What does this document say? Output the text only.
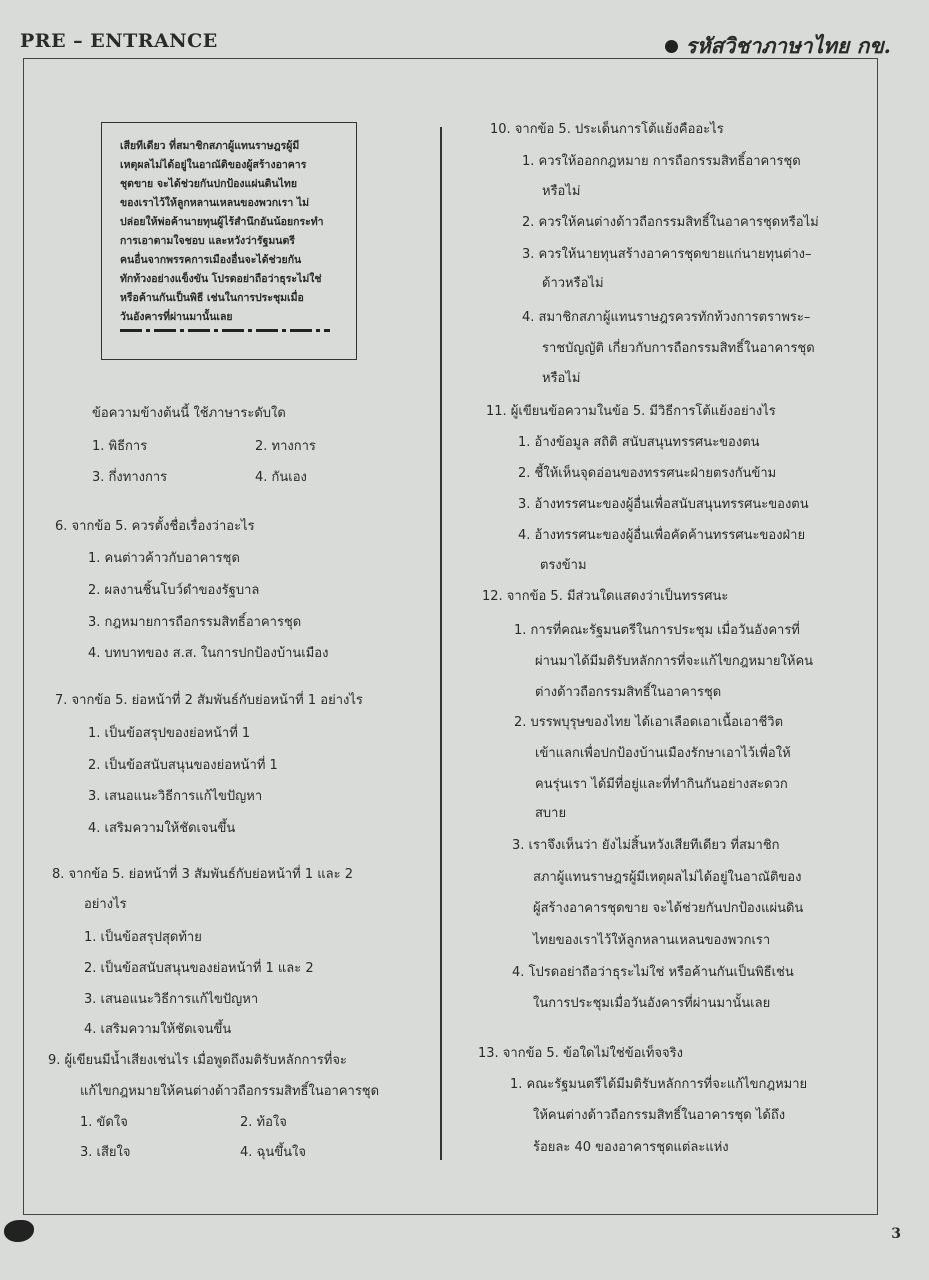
PRE – ENTRANCE	รหัสวิชาภาษาไทย กข.
เสียทีเดียว ที่สมาชิกสภาผู้แทนราษฎรผู้มี
เหตุผลไม่ได้อยู่ในอาณัติของผู้สร้างอาคาร
ชุดขาย จะได้ช่วยกันปกป้องแผ่นดินไทย
ของเราไว้ให้ลูกหลานเหลนของพวกเรา ไม่
ปล่อยให้พ่อค้านายทุนผู้ไร้สำนึกอันน้อยกระทำ
การเอาตามใจชอบ และหวังว่ารัฐมนตรี
คนอื่นจากพรรคการเมืองอื่นจะได้ช่วยกัน
ทักท้วงอย่างแข็งขัน โปรดอย่าถือว่าธุระไม่ใช่
หรือค้านกันเป็นพิธี เช่นในการประชุมเมื่อ
วันอังคารที่ผ่านมานั้นเลย
ข้อความข้างต้นนี้ ใช้ภาษาระดับใด
1. พิธีการ	2. ทางการ
3. กึ่งทางการ	4. กันเอง
6. จากข้อ 5. ควรตั้งชื่อเรื่องว่าอะไร
1. คนต่าวค้าวกับอาคารชุด
2. ผลงานชิ้นโบว์ดำของรัฐบาล
3. กฎหมายการถือกรรมสิทธิ์อาคารชุด
4. บทบาทของ ส.ส. ในการปกป้องบ้านเมือง
7. จากข้อ 5. ย่อหน้าที่ 2 สัมพันธ์กับย่อหน้าที่ 1 อย่างไร
1. เป็นข้อสรุปของย่อหน้าที่ 1
2. เป็นข้อสนับสนุนของย่อหน้าที่ 1
3. เสนอแนะวิธีการแก้ไขปัญหา
4. เสริมความให้ชัดเจนขึ้น
8. จากข้อ 5. ย่อหน้าที่ 3 สัมพันธ์กับย่อหน้าที่ 1 และ 2
อย่างไร
1. เป็นข้อสรุปสุดท้าย
2. เป็นข้อสนับสนุนของย่อหน้าที่ 1 และ 2
3. เสนอแนะวิธีการแก้ไขปัญหา
4. เสริมความให้ชัดเจนขึ้น
9. ผู้เขียนมีน้ำเสียงเช่นไร เมื่อพูดถึงมติรับหลักการที่จะ
แก้ไขกฎหมายให้คนต่างด้าวถือกรรมสิทธิ์ในอาคารชุด
1. ขัดใจ	2. ท้อใจ
3. เสียใจ	4. ฉุนขึ้นใจ
10. จากข้อ 5. ประเด็นการโต้แย้งคืออะไร
1. ควรให้ออกกฎหมาย การถือกรรมสิทธิ์อาคารชุด
หรือไม่
2. ควรให้คนต่างด้าวถือกรรมสิทธิ์ในอาคารชุดหรือไม่
3. ควรให้นายทุนสร้างอาคารชุดขายแก่นายทุนต่าง–
ด้าวหรือไม่
4. สมาชิกสภาผู้แทนราษฎรควรทักท้วงการตราพระ–
ราชบัญญัติ เกี่ยวกับการถือกรรมสิทธิ์ในอาคารชุด
หรือไม่
11. ผู้เขียนข้อความในข้อ 5. มีวิธีการโต้แย้งอย่างไร
1. อ้างข้อมูล สถิติ สนับสนุนทรรศนะของตน
2. ชี้ให้เห็นจุดอ่อนของทรรศนะฝ่ายตรงกันข้าม
3. อ้างทรรศนะของผู้อื่นเพื่อสนับสนุนทรรศนะของตน
4. อ้างทรรศนะของผู้อื่นเพื่อคัดค้านทรรศนะของฝ่าย
ตรงข้าม
12. จากข้อ 5. มีส่วนใดแสดงว่าเป็นทรรศนะ
1. การที่คณะรัฐมนตรีในการประชุม เมื่อวันอังคารที่
ผ่านมาได้มีมติรับหลักการที่จะแก้ไขกฎหมายให้คน
ต่างด้าวถือกรรมสิทธิ์ในอาคารชุด
2. บรรพบุรุษของไทย ได้เอาเลือดเอาเนื้อเอาชีวิต
เข้าแลกเพื่อปกป้องบ้านเมืองรักษาเอาไว้เพื่อให้
คนรุ่นเรา ได้มีที่อยู่และที่ทำกินกันอย่างสะดวก
สบาย
3. เราจึงเห็นว่า ยังไม่สิ้นหวังเสียทีเดียว ที่สมาชิก
สภาผู้แทนราษฎรผู้มีเหตุผลไม่ได้อยู่ในอาณัติของ
ผู้สร้างอาคารชุดขาย จะได้ช่วยกันปกป้องแผ่นดิน
ไทยของเราไว้ให้ลูกหลานเหลนของพวกเรา
4. โปรดอย่าถือว่าธุระไม่ใช่ หรือค้านกันเป็นพิธีเช่น
ในการประชุมเมื่อวันอังคารที่ผ่านมานั้นเลย
13. จากข้อ 5. ข้อใดไม่ใช่ข้อเท็จจริง
1. คณะรัฐมนตรีได้มีมติรับหลักการที่จะแก้ไขกฎหมาย
ให้คนต่างด้าวถือกรรมสิทธิ์ในอาคารชุด ได้ถึง
ร้อยละ 40 ของอาคารชุดแต่ละแห่ง
3
